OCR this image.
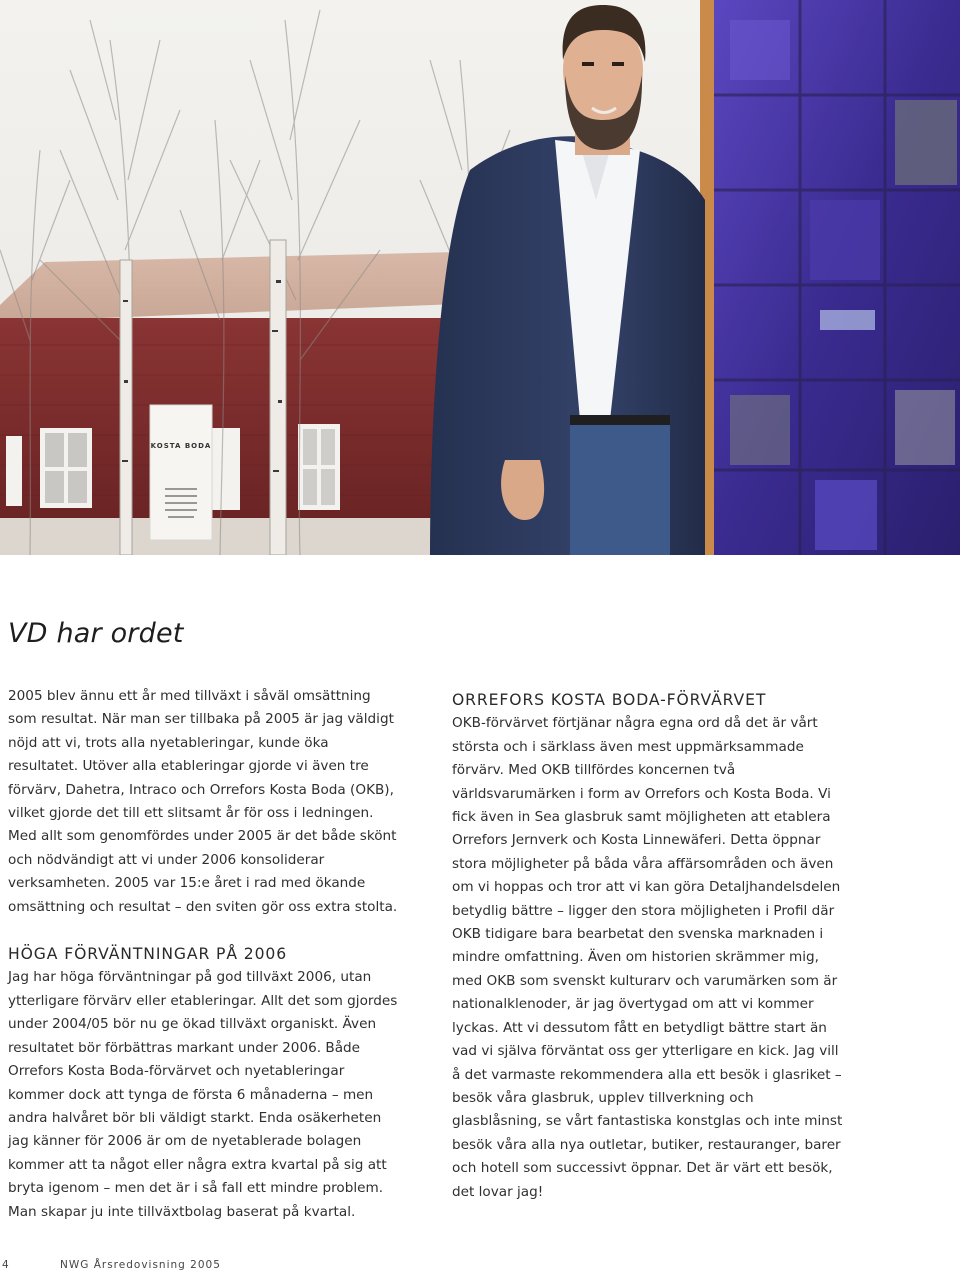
KOSTA BODA
VD har ordet

2005 blev ännu ett år med tillväxt i såväl omsättning som resultat. När man ser tillbaka på 2005 är jag väldigt nöjd att vi, trots alla nyetableringar, kunde öka resultatet. Utöver alla etableringar gjorde vi även tre förvärv, Dahetra, Intraco och Orrefors Kosta Boda (OKB), vilket gjorde det till ett slitsamt år för oss i ledningen. Med allt som genomfördes under 2005 är det både skönt och nödvändigt att vi under 2006 konsoliderar verksamheten. 2005 var 15:e året i rad med ökande omsättning och resultat – den sviten gör oss extra stolta.

HÖGA FÖRVÄNTNINGAR PÅ 2006

Jag har höga förväntningar på god tillväxt 2006, utan ytterligare förvärv eller etableringar. Allt det som gjordes under 2004/05 bör nu ge ökad tillväxt organiskt. Även resultatet bör förbättras markant under 2006. Både Orrefors Kosta Boda-förvärvet och nyetableringar kommer dock att tynga de första 6 månaderna – men andra halvåret bör bli väldigt starkt. Enda osäkerheten jag känner för 2006 är om de nyetablerade bolagen kommer att ta något eller några extra kvartal på sig att bryta igenom – men det är i så fall ett mindre problem. Man skapar ju inte tillväxtbolag baserat på kvartal.

ORREFORS KOSTA BODA-FÖRVÄRVET

OKB-förvärvet förtjänar några egna ord då det är vårt största och i särklass även mest uppmärksammade förvärv. Med OKB tillfördes koncernen två världsvarumärken i form av Orrefors och Kosta Boda. Vi fick även in Sea glasbruk samt möjligheten att etablera Orrefors Jernverk och Kosta Linnewäferi. Detta öppnar stora möjligheter på båda våra affärsområden och även om vi hoppas och tror att vi kan göra Detaljhandelsdelen betydlig bättre – ligger den stora möjligheten i Profil där OKB tidigare bara bearbetat den svenska marknaden i mindre omfattning. Även om historien skrämmer mig, med OKB som svenskt kulturarv och varumärken som är nationalklenoder, är jag övertygad om att vi kommer lyckas. Att vi dessutom fått en betydligt bättre start än vad vi själva förväntat oss ger ytterligare en kick. Jag vill å det varmaste rekommendera alla ett besök i glasriket – besök våra glasbruk, upplev tillverkning och glasblåsning, se vårt fantastiska konstglas och inte minst besök våra alla nya outletar, butiker, restauranger, barer och hotell som successivt öppnar. Det är värt ett besök, det lovar jag!

4	NWG Årsredovisning 2005
